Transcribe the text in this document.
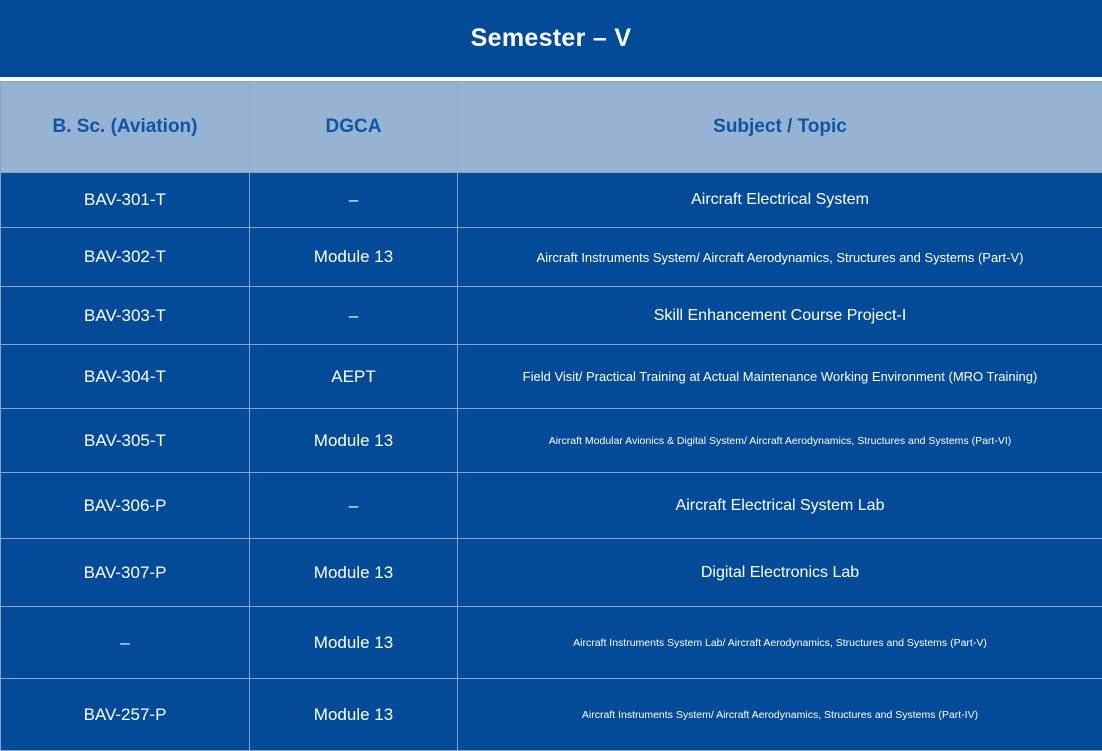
Semester – V
B. Sc. (Aviation)	DGCA	Subject / Topic
BAV-301-T	–	Aircraft Electrical System
BAV-302-T	Module 13	Aircraft Instruments System/ Aircraft Aerodynamics, Structures and Systems (Part-V)
BAV-303-T	–	Skill Enhancement Course Project-I
BAV-304-T	AEPT	Field Visit/ Practical Training at Actual Maintenance Working Environment (MRO Training)
BAV-305-T	Module 13	Aircraft Modular Avionics & Digital System/ Aircraft Aerodynamics, Structures and Systems (Part-VI)
BAV-306-P	–	Aircraft Electrical System Lab
BAV-307-P	Module 13	Digital Electronics Lab
–	Module 13	Aircraft Instruments System Lab/ Aircraft Aerodynamics, Structures and Systems (Part-V)
BAV-257-P	Module 13	Aircraft Instruments System/ Aircraft Aerodynamics, Structures and Systems (Part-IV)
